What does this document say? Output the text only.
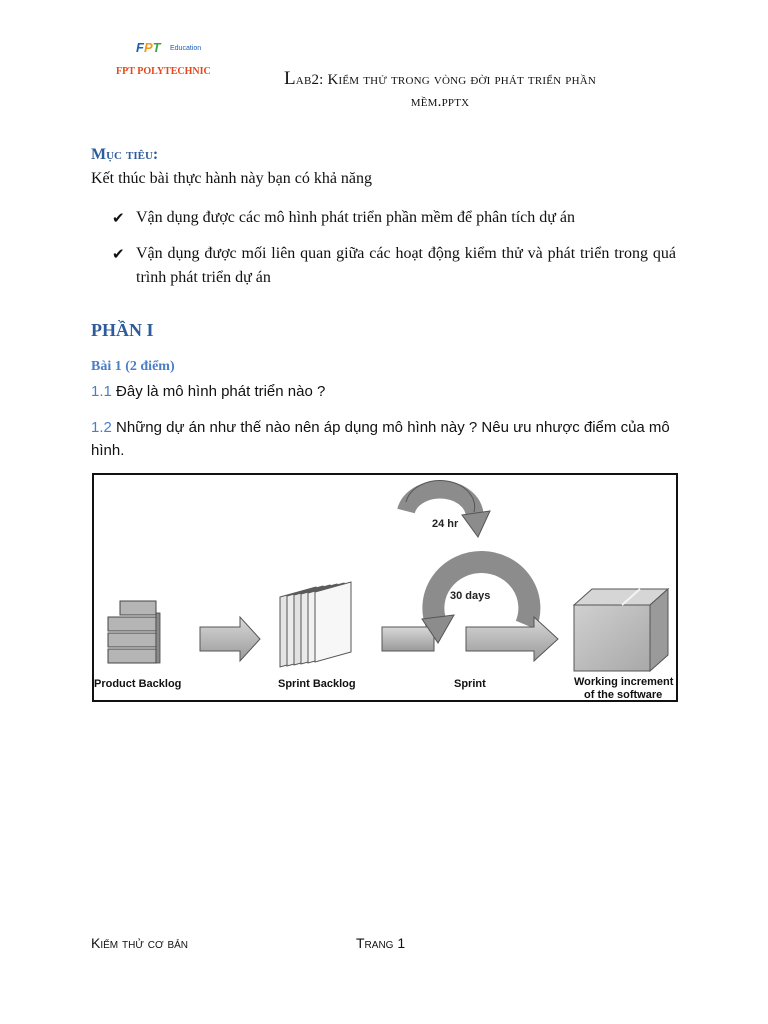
FPT Education
FPT POLYTECHNIC	Lab2: Kiểm thử trong vòng đời phát triển phần
mềm.pptx
Mục tiêu:
Kết thúc bài thực hành này bạn có khả năng
✔ Vận dụng được các mô hình phát triển phần mềm để phân tích dự án
✔ Vận dụng được mối liên quan giữa các hoạt động kiểm thử và phát triển trong quá trình phát triển dự án
PHẦN I
Bài 1 (2 điểm)
1.1 Đây là mô hình phát triển nào ?
1.2 Những dự án như thế nào nên áp dụng mô hình này ? Nêu ưu nhược điểm của mô hình.
24 hr
30 days
Product Backlog	Sprint Backlog	Sprint	Working increment
of the software
Kiểm thử cơ bản	Trang 1
